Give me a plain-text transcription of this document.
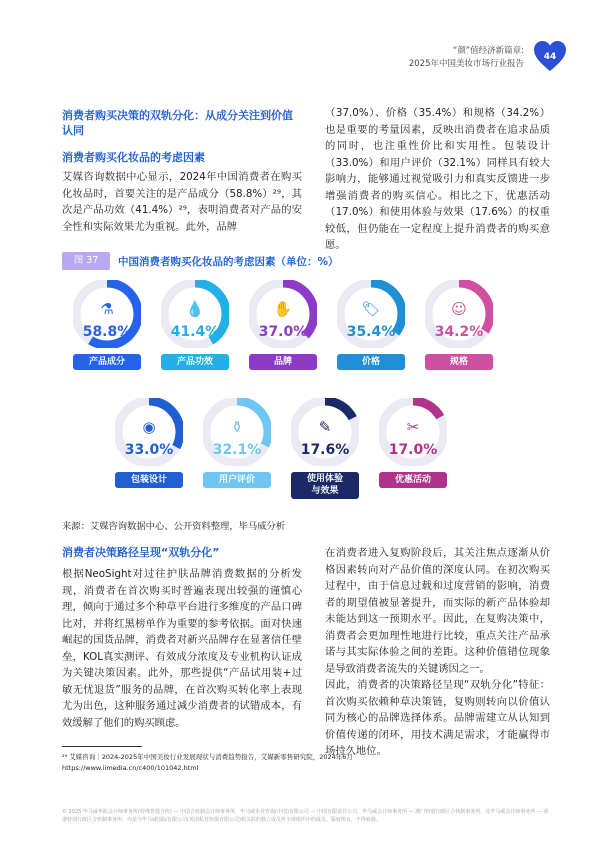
“颜”值经济新篇章:
2025年中国美妆市场行业报告
44
消费者购买决策的双轨分化：从成分关注到价值认同
消费者购买化妆品的考虑因素
艾媒咨询数据中心显示，2024年中国消费者在购买化妆品时，首要关注的是产品成分（58.8%）²⁹，其次是产品功效（41.4%）²⁹，表明消费者对产品的安全性和实际效果尤为重视。此外，品牌
（37.0%）、价格（35.4%）和规格（34.2%）也是重要的考量因素，反映出消费者在追求品质的同时，也注重性价比和实用性。包装设计（33.0%）和用户评价（32.1%）同样具有较大影响力，能够通过视觉吸引力和真实反馈进一步增强消费者的购买信心。相比之下，优惠活动（17.0%）和使用体验与效果（17.6%）的权重较低，但仍能在一定程度上提升消费者的购买意愿。
图 37	中国消费者购买化妆品的考虑因素（单位：%）
⚗
58.8%
产品成分
💧
41.4%
产品功效
✋
37.0%
品牌
🏷
35.4%
价格
☺
34.2%
规格
◉
33.0%
包装设计
⚱
32.1%
用户评价
✎
17.6%
使用体验
与效果
✂
17.0%
优惠活动
来源：艾媒咨询数据中心、公开资料整理，毕马威分析
消费者决策路径呈现“双轨分化”
根据NeoSight对过往护肤品牌消费数据的分析发现，消费者在首次购买时普遍表现出较强的谨慎心理，倾向于通过多个种草平台进行多维度的产品口碑比对，并将红黑榜单作为重要的参考依据。面对快速崛起的国货品牌，消费者对新兴品牌存在显著信任壁垒，KOL真实测评、有效成分浓度及专业机构认证成为关键决策因素。此外，那些提供“产品试用装+过敏无忧退货”服务的品牌，在首次购买转化率上表现尤为出色，这种服务通过减少消费者的试错成本，有效缓解了他们的购买顾虑。
在消费者进入复购阶段后，其关注焦点逐渐从价格因素转向对产品价值的深度认同。在初次购买过程中，由于信息过载和过度营销的影响，消费者的期望值被显著提升，而实际的新产品体验却未能达到这一预期水平。因此，在复购决策中，消费者会更加理性地进行比较，重点关注产品承诺与其实际体验之间的差距。这种价值错位现象是导致消费者流失的关键诱因之一。
因此，消费者的决策路径呈现“双轨分化”特征：首次购买依赖种草决策链，复购则转向以价值认同为核心的品牌选择体系。品牌需建立从认知到价值传递的闭环，用技术满足需求，才能赢得市场持久地位。
²⁹ 艾媒咨询｜2024-2025年中国美妆行业发展现状与消费趋势报告，艾媒新零售研究院，2024年6月
https://www.iimedia.cn/c400/101042.html
© 2025 毕马威华振会计师事务所(特殊普通合伙) — 中国合伙制会计师事务所，毕马威企业咨询(中国)有限公司 — 中国有限责任公司，毕马威会计师事务所 — 澳门特别行政区合伙制事务所，及毕马威会计师事务所 — 香港特别行政区合伙制事务所，均是与毕马威国际有限公司(英国私营担保有限公司)相关联的独立成员所全球组织中的成员。版权所有，不得转载。
